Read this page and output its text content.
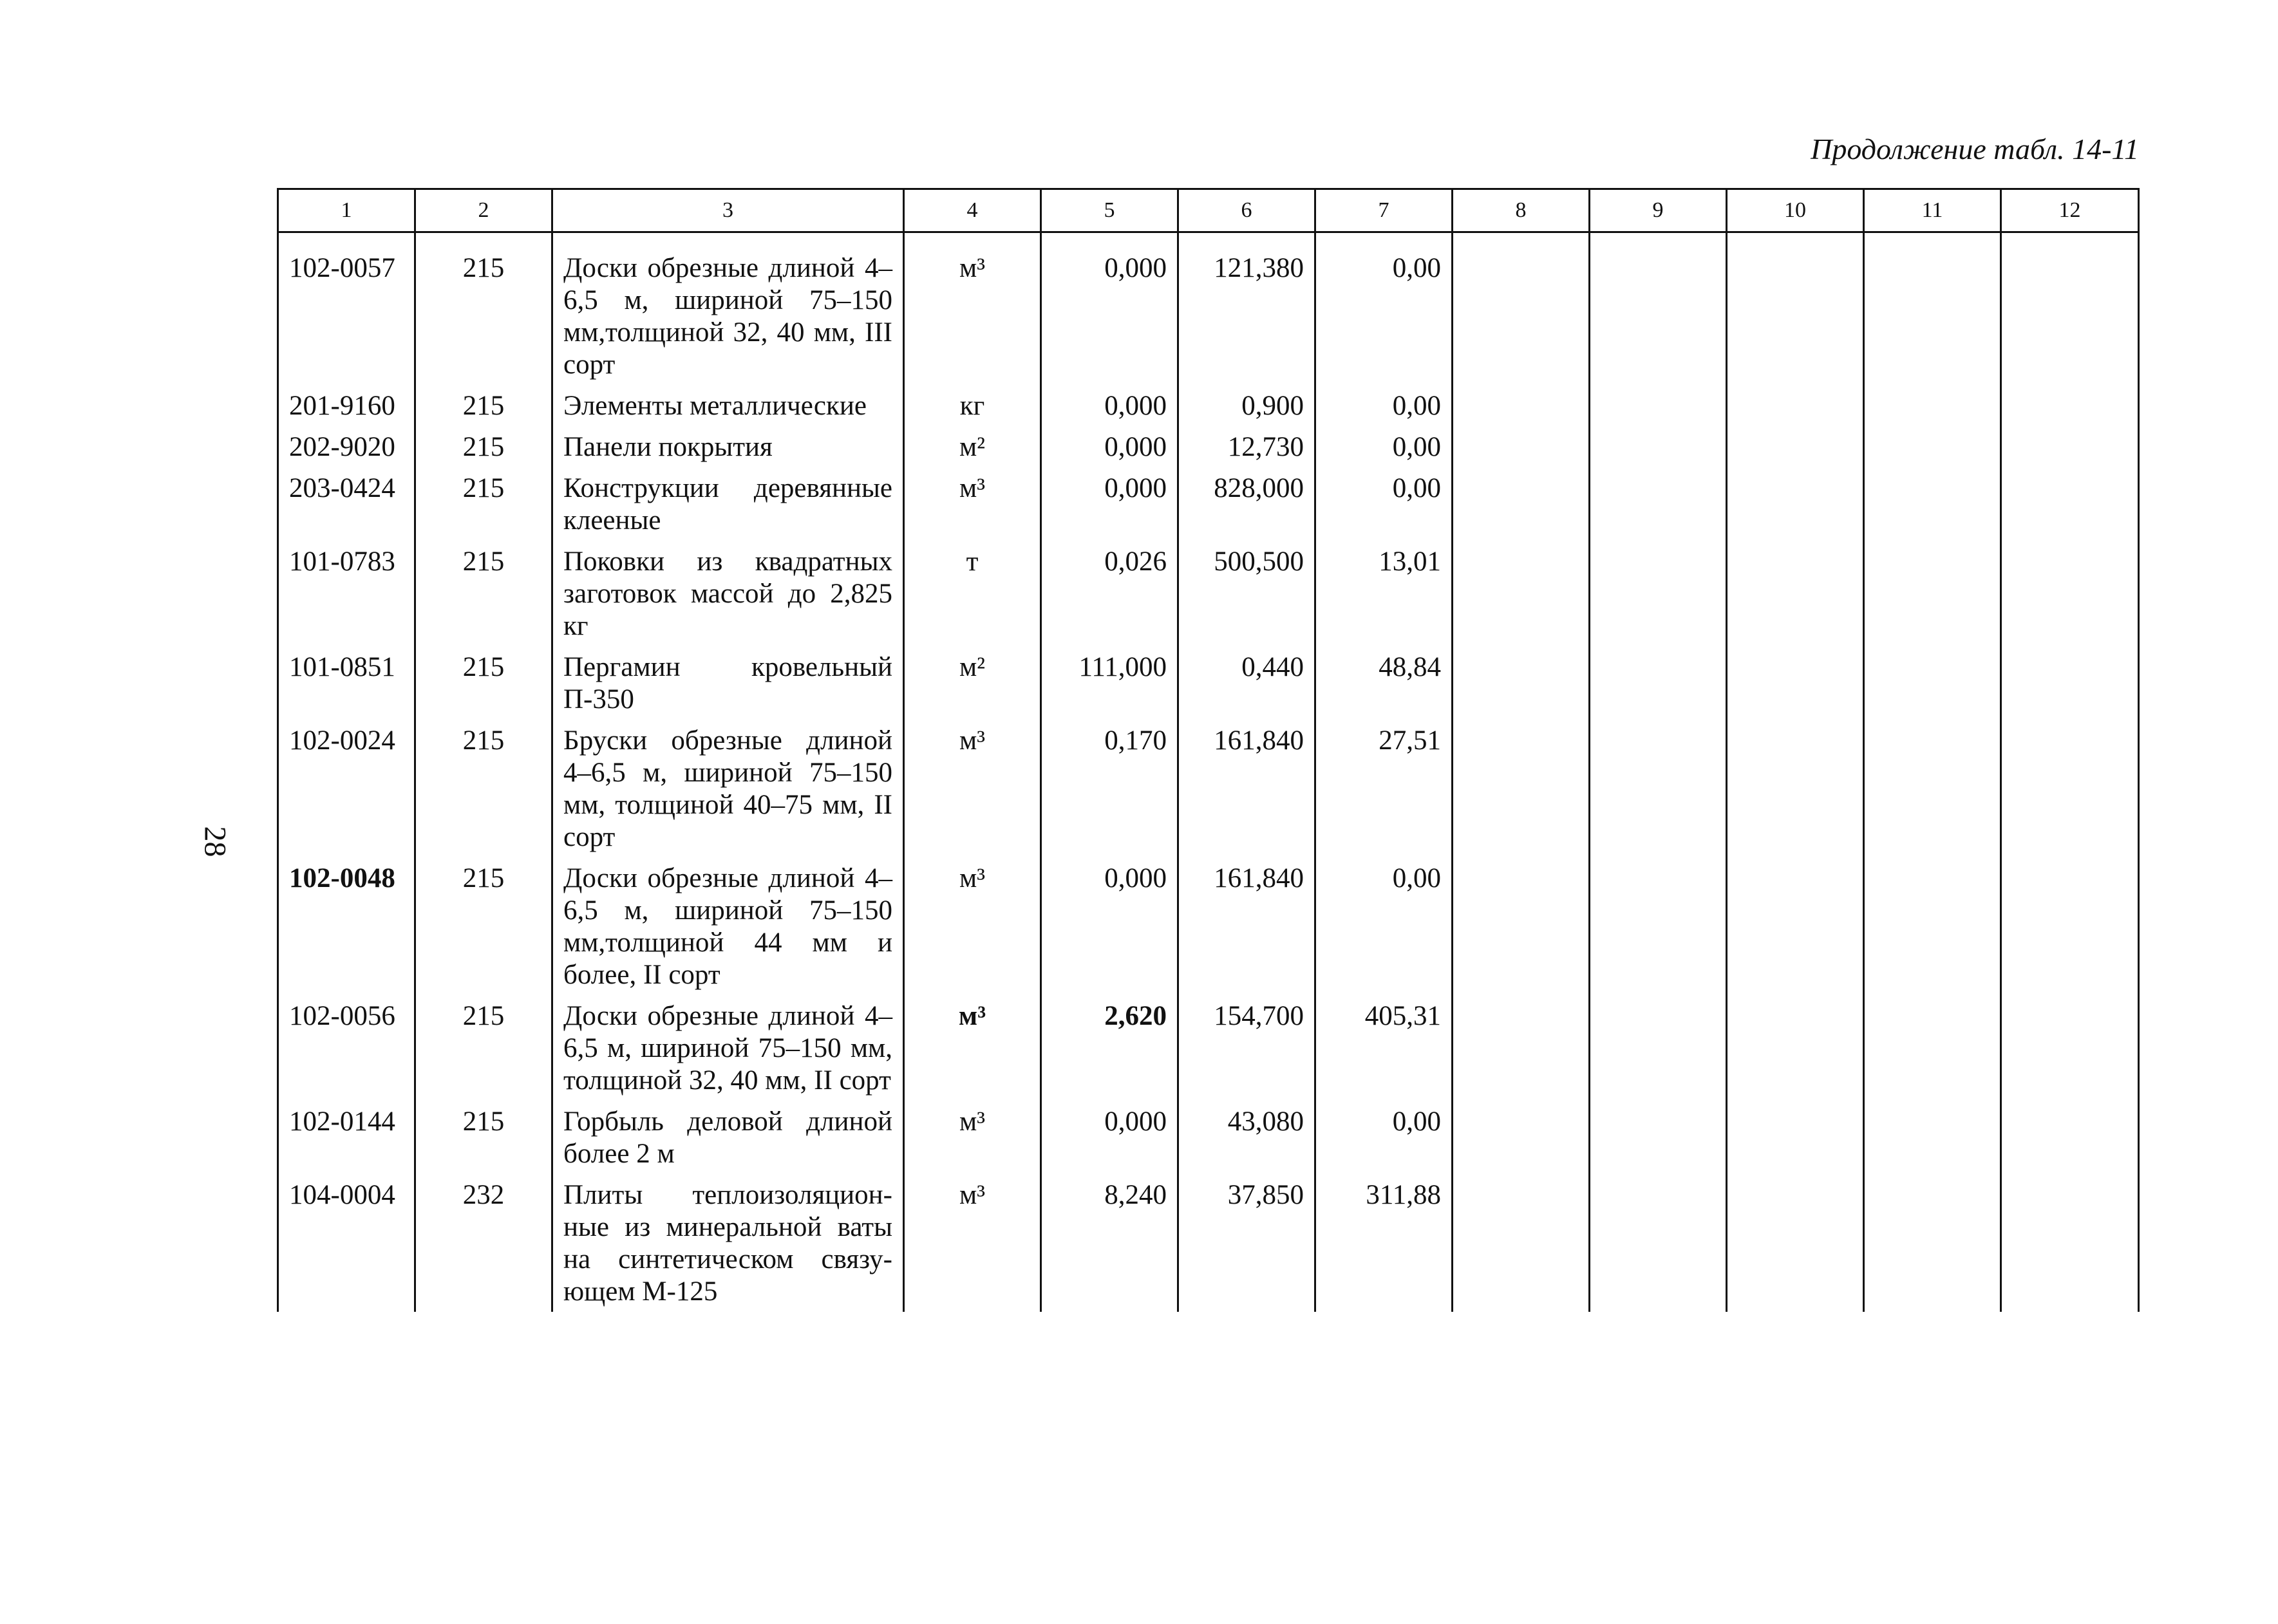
Продолжение табл. 14-11
28
1	2	3	4	5	6	7	8	9	10	11	12
102-0057	215	Доски обрезные длиной 4–6,5 м, шириной 75–150 мм,толщиной 32, 40 мм, III сорт	м³	0,000	121,380	0,00					
201-9160	215	Элементы металлические	кг	0,000	0,900	0,00					
202-9020	215	Панели покрытия	м²	0,000	12,730	0,00					
203-0424	215	Конструкции деревянные клееные	м³	0,000	828,000	0,00					
101-0783	215	Поковки из квадратных заготовок массой до 2,825 кг	т	0,026	500,500	13,01					
101-0851	215	Пергамин кровельный П-350	м²	111,000	0,440	48,84					
102-0024	215	Бруски обрезные длиной 4–6,5 м, шириной 75–150 мм, толщиной 40–75 мм, II сорт	м³	0,170	161,840	27,51					
102-0048	215	Доски обрезные длиной 4–6,5 м, шириной 75–150 мм,толщиной 44 мм и более, II сорт	м³	0,000	161,840	0,00					
102-0056	215	Доски обрезные длиной 4–6,5 м, шириной 75–150 мм, толщиной 32, 40 мм, II сорт	м³	2,620	154,700	405,31					
102-0144	215	Горбыль деловой длиной более 2 м	м³	0,000	43,080	0,00					
104-0004	232	Плиты теплоизоляцион-ные из минеральной ваты на синтетическом связу-ющем М-125	м³	8,240	37,850	311,88					
